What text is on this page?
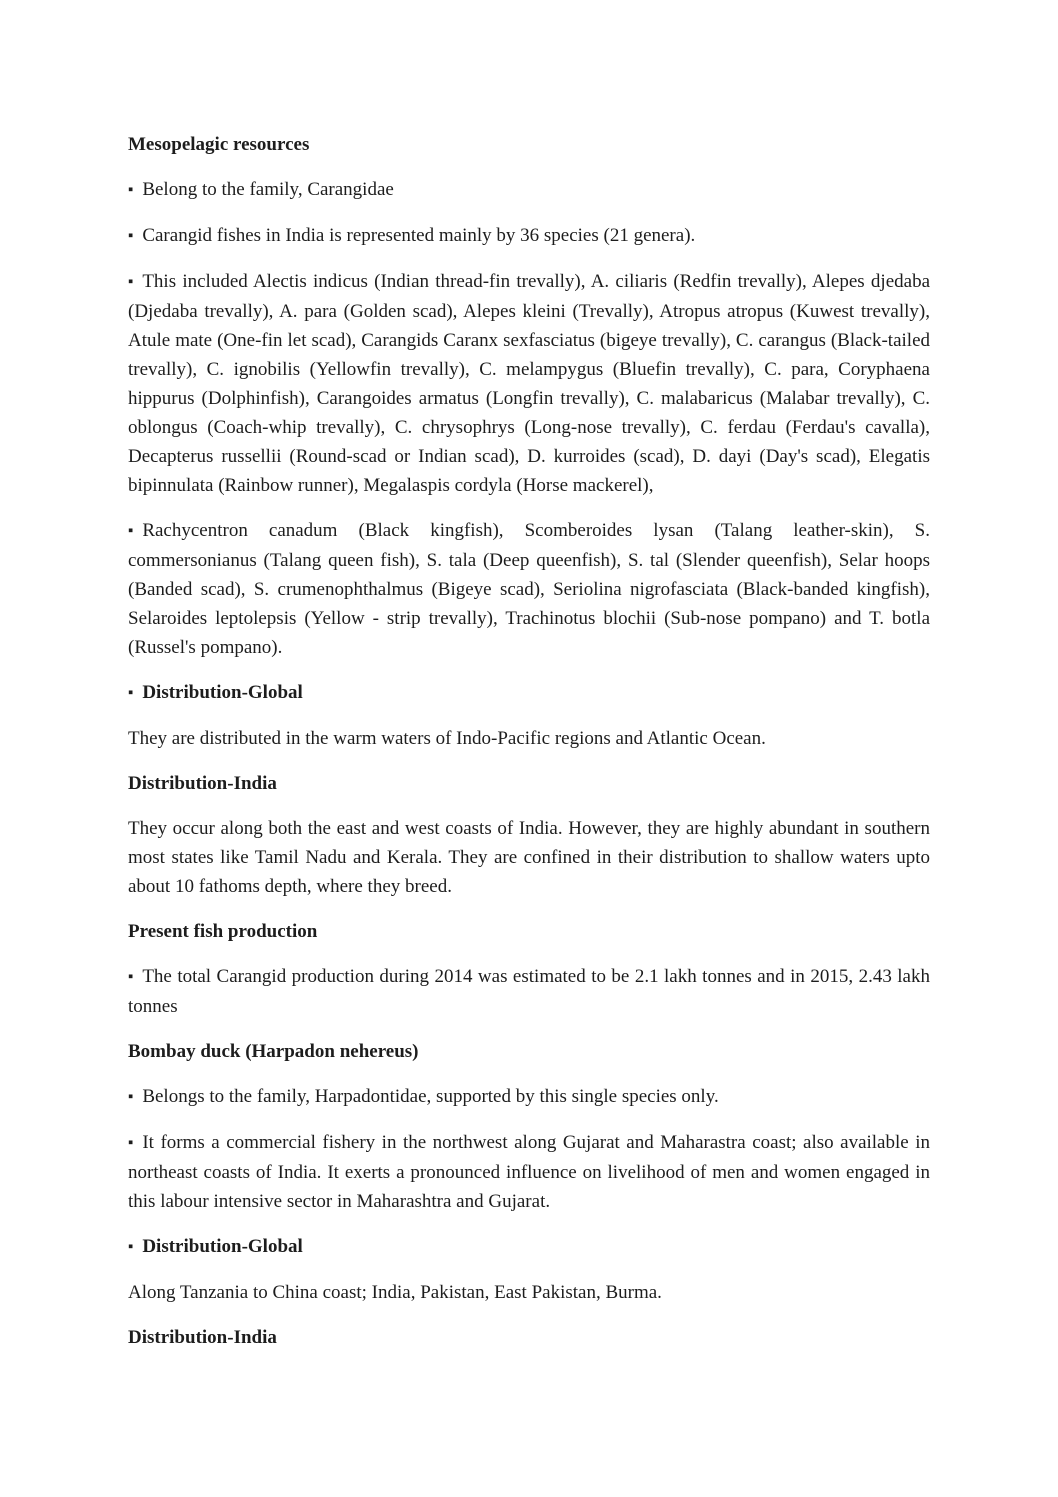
Mesopelagic resources

▪ Belong to the family, Carangidae

▪ Carangid fishes in India is represented mainly by 36 species (21 genera).

▪ This included Alectis indicus (Indian thread-fin trevally), A. ciliaris (Redfin trevally), Alepes djedaba (Djedaba trevally), A. para (Golden scad), Alepes kleini (Trevally), Atropus atropus (Kuwest trevally), Atule mate (One-fin let scad), Carangids Caranx sexfasciatus (bigeye trevally), C. carangus (Black-tailed trevally), C. ignobilis (Yellowfin trevally), C. melampygus (Bluefin trevally), C. para, Coryphaena hippurus (Dolphinfish), Carangoides armatus (Longfin trevally), C. malabaricus (Malabar trevally), C. oblongus (Coach-whip trevally), C. chrysophrys (Long-nose trevally), C. ferdau (Ferdau's cavalla), Decapterus russellii (Round-scad or Indian scad), D. kurroides (scad), D. dayi (Day's scad), Elegatis bipinnulata (Rainbow runner), Megalaspis cordyla (Horse mackerel),

▪ Rachycentron canadum (Black kingfish), Scomberoides lysan (Talang leather-skin), S. commersonianus (Talang queen fish), S. tala (Deep queenfish), S. tal (Slender queenfish), Selar hoops (Banded scad), S. crumenophthalmus (Bigeye scad), Seriolina nigrofasciata (Black-banded kingfish), Selaroides leptolepsis (Yellow - strip trevally), Trachinotus blochii (Sub-nose pompano) and T. botla (Russel's pompano).

▪ Distribution-Global

They are distributed in the warm waters of Indo-Pacific regions and Atlantic Ocean.

Distribution-India

They occur along both the east and west coasts of India. However, they are highly abundant in southern most states like Tamil Nadu and Kerala. They are confined in their distribution to shallow waters upto about 10 fathoms depth, where they breed.

Present fish production

▪ The total Carangid production during 2014 was estimated to be 2.1 lakh tonnes and in 2015, 2.43 lakh tonnes

Bombay duck (Harpadon nehereus)

▪ Belongs to the family, Harpadontidae, supported by this single species only.

▪ It forms a commercial fishery in the northwest along Gujarat and Maharastra coast; also available in northeast coasts of India. It exerts a pronounced influence on livelihood of men and women engaged in this labour intensive sector in Maharashtra and Gujarat.

▪ Distribution-Global

Along Tanzania to China coast; India, Pakistan, East Pakistan, Burma.

Distribution-India
